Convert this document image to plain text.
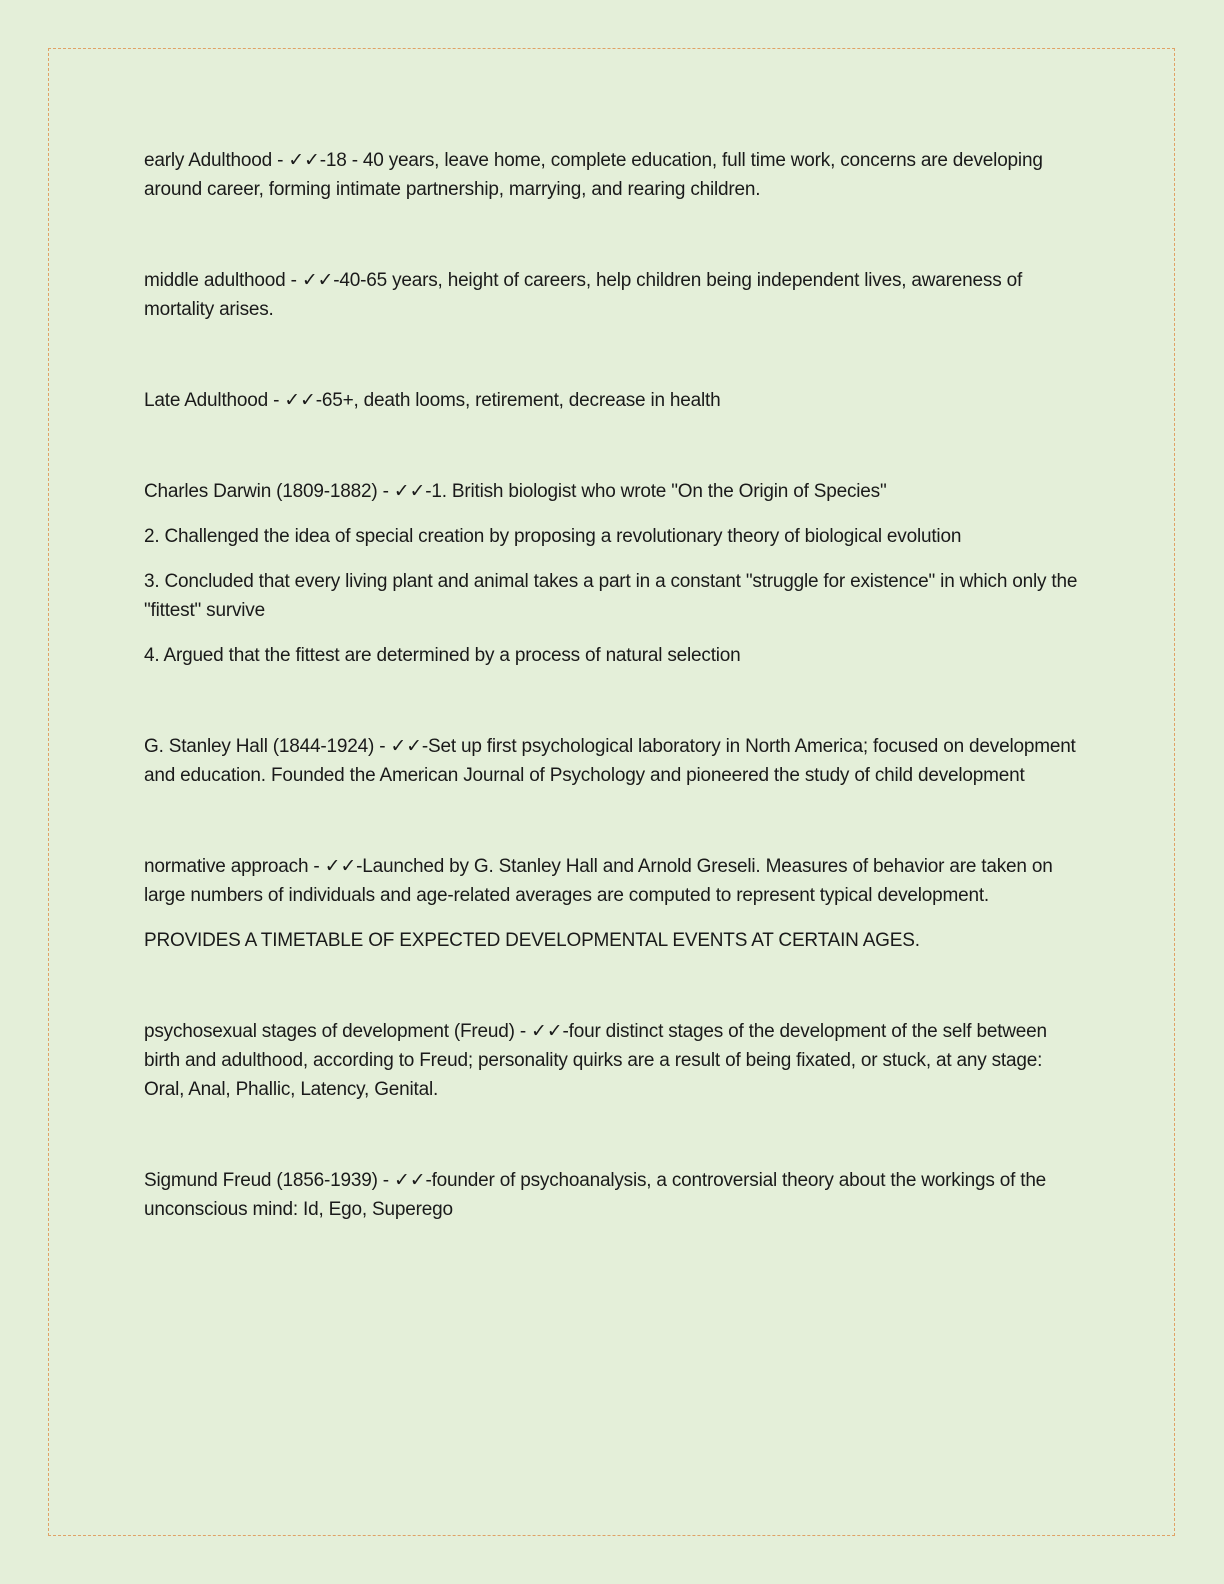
early Adulthood - ✓✓-18 - 40 years, leave home, complete education, full time work, concerns are developing around career, forming intimate partnership, marrying, and rearing children.

middle adulthood - ✓✓-40-65 years, height of careers, help children being independent lives, awareness of mortality arises.

Late Adulthood - ✓✓-65+, death looms, retirement, decrease in health

Charles Darwin (1809-1882) - ✓✓-1. British biologist who wrote "On the Origin of Species"

2. Challenged the idea of special creation by proposing a revolutionary theory of biological evolution

3. Concluded that every living plant and animal takes a part in a constant "struggle for existence" in which only the "fittest" survive

4. Argued that the fittest are determined by a process of natural selection

G. Stanley Hall (1844-1924) - ✓✓-Set up first psychological laboratory in North America; focused on development and education. Founded the American Journal of Psychology and pioneered the study of child development

normative approach - ✓✓-Launched by G. Stanley Hall and Arnold Greseli. Measures of behavior are taken on large numbers of individuals and age-related averages are computed to represent typical development.

PROVIDES A TIMETABLE OF EXPECTED DEVELOPMENTAL EVENTS AT CERTAIN AGES.

psychosexual stages of development (Freud) - ✓✓-four distinct stages of the development of the self between birth and adulthood, according to Freud; personality quirks are a result of being fixated, or stuck, at any stage: Oral, Anal, Phallic, Latency, Genital.

Sigmund Freud (1856-1939) - ✓✓-founder of psychoanalysis, a controversial theory about the workings of the unconscious mind: Id, Ego, Superego
